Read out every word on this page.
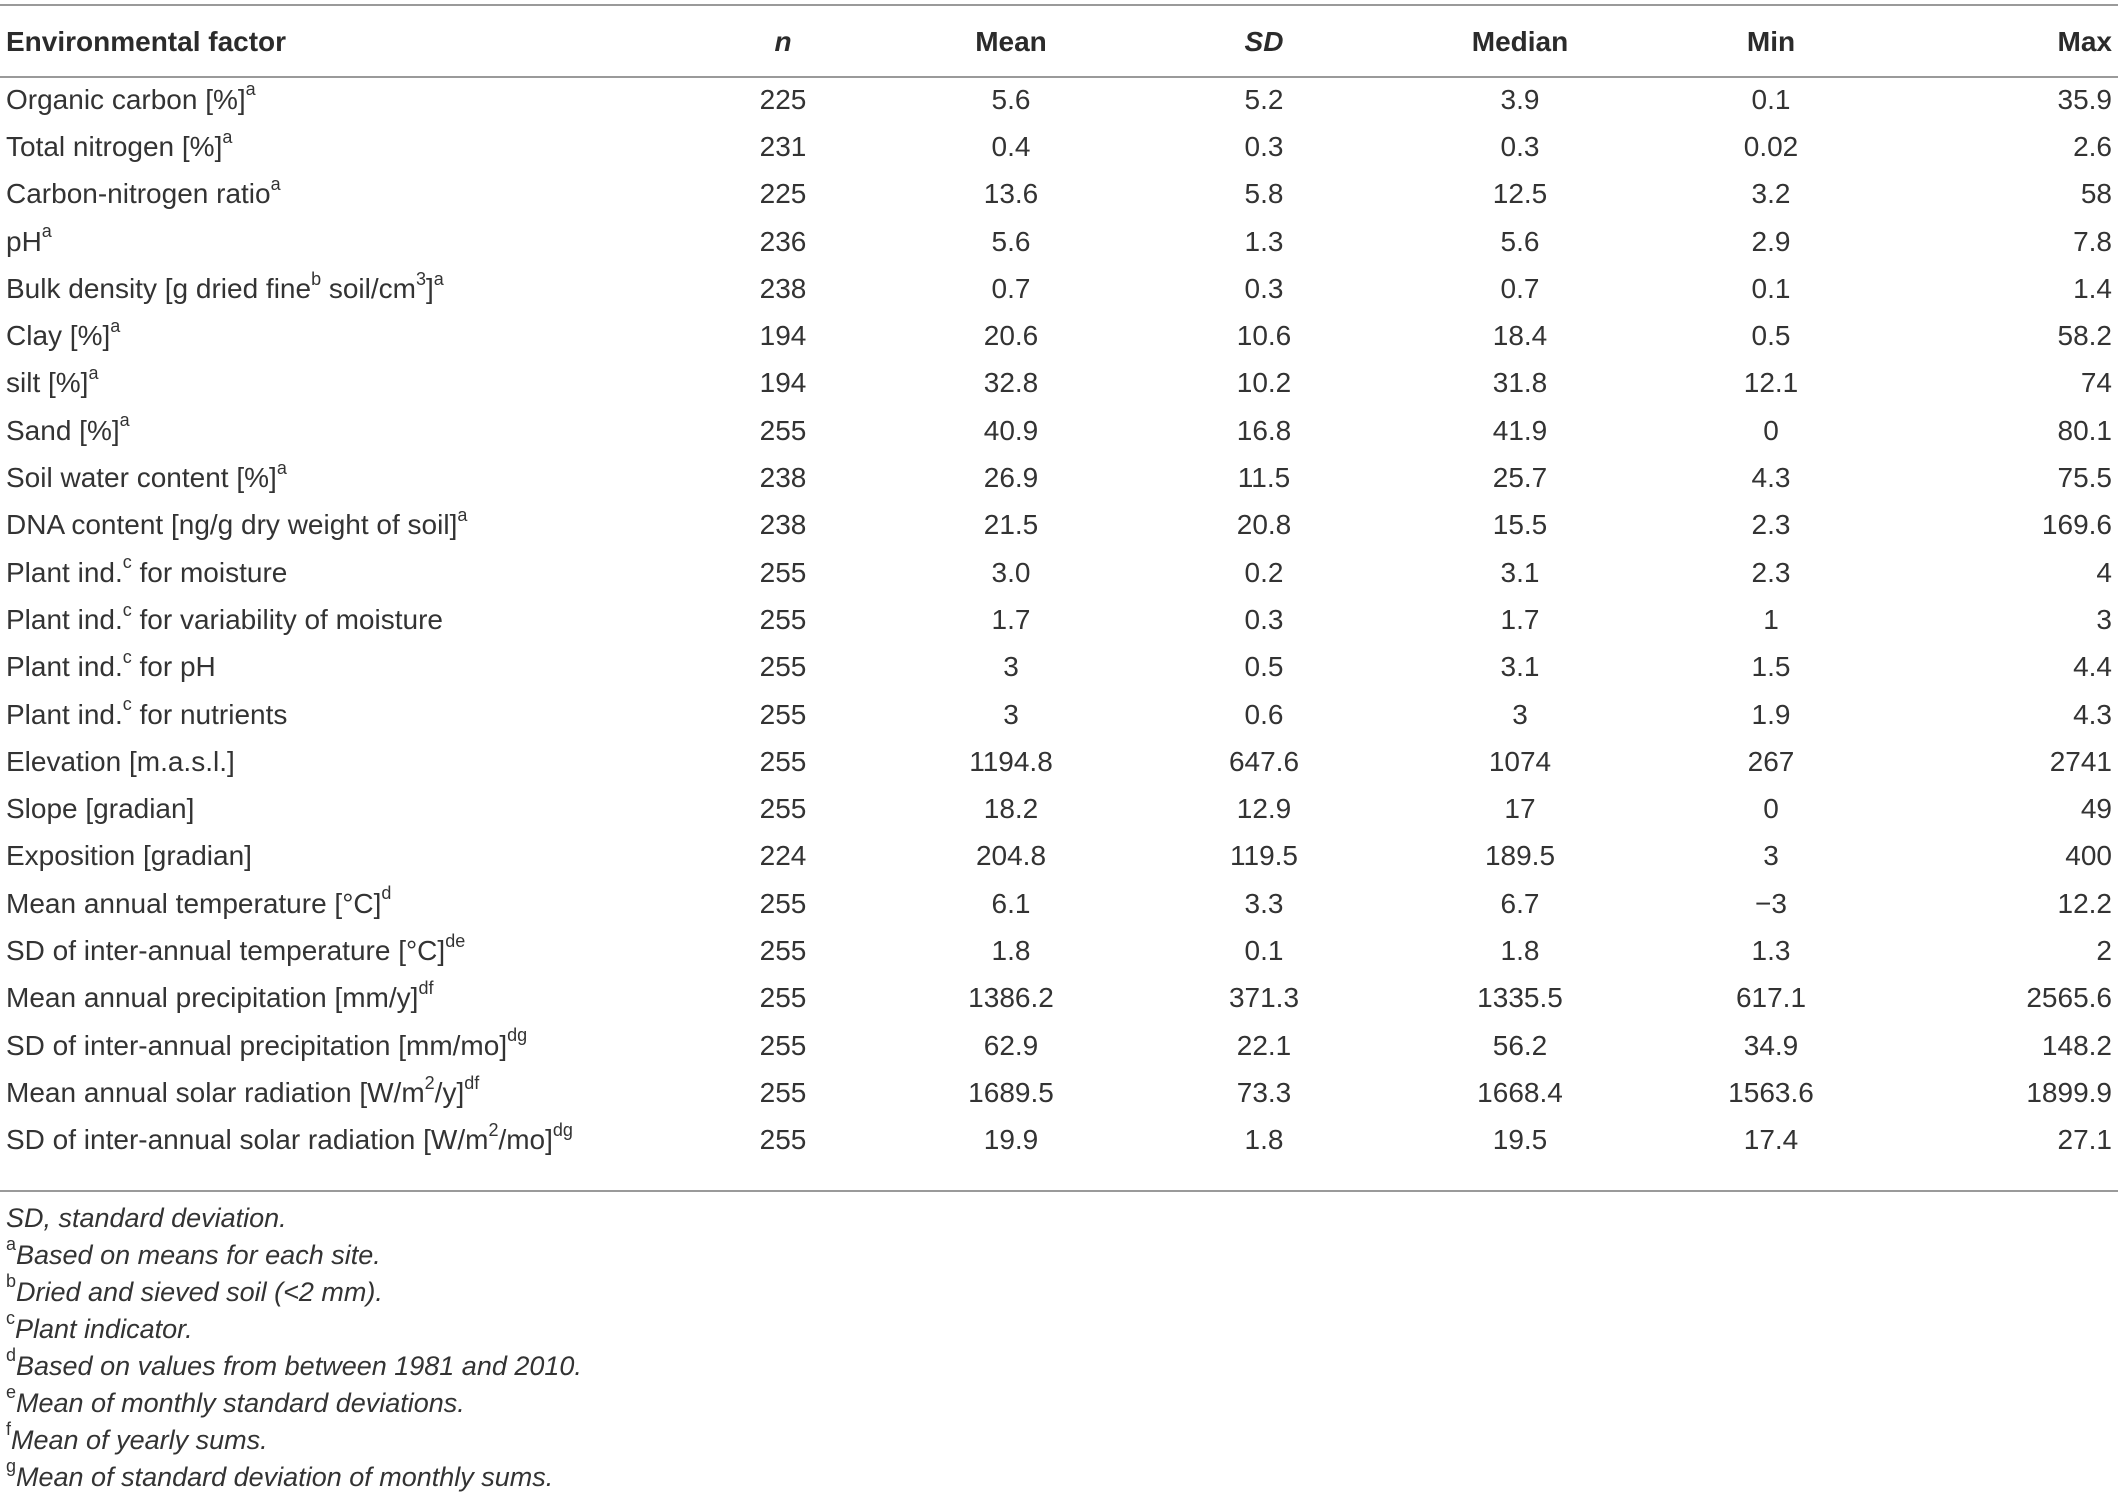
Environmental factor	n	Mean	SD	Median	Min	Max
Organic carbon [%]$^a$	225	5.6	5.2	3.9	0.1	35.9
Total nitrogen [%]$^a$	231	0.4	0.3	0.3	0.02	2.6
Carbon-nitrogen ratio$^a$	225	13.6	5.8	12.5	3.2	58
$pH^a$	236	5.6	1.3	5.6	2.9	7.8
Bulk density [g dried fine$^b$ soil/$cm^3]^a$	238	0.7	0.3	0.7	0.1	1.4
Clay [%]$^a$	194	20.6	10.6	18.4	0.5	58.2
silt [%]$^a$	194	32.8	10.2	31.8	12.1	74
Sand [%]$^a$	255	40.9	16.8	41.9	0	80.1
Soil water content [%]$^a$	238	26.9	11.5	25.7	4.3	75.5
DNA content [ng/g dry weight of soil]$^a$	238	21.5	20.8	15.5	2.3	169.6
Plant ind.$^c$ for moisture	255	3.0	0.2	3.1	2.3	4
Plant ind.$^c$ for variability of moisture	255	1.7	0.3	1.7	1	3
Plant ind.$^c$ for pH	255	3	0.5	3.1	1.5	4.4
Plant ind.$^c$ for nutrients	255	3	0.6	3	1.9	4.3
Elevation [m.a.s.l.]	255	1194.8	647.6	1074	267	2741
Slope [gradian]	255	18.2	12.9	17	0	49
Exposition [gradian]	224	204.8	119.5	189.5	3	400
Mean annual temperature $[^\circ C]^d$	255	6.1	3.3	6.7	−3	12.2
SD of inter-annual temperature $[^\circ C]^{de}$	255	1.8	0.1	1.8	1.3	2
Mean annual precipitation $[mm/y]^{df}$	255	1386.2	371.3	1335.5	617.1	2565.6
SD of inter-annual precipitation $[mm/mo]^{dg}$	255	62.9	22.1	56.2	34.9	148.2
Mean annual solar radiation $[W/m^2/y]^{df}$	255	1689.5	73.3	1668.4	1563.6	1899.9
SD of inter-annual solar radiation $[W/m^2/mo]^{dg}$	255	19.9	1.8	19.5	17.4	27.1
SD, standard deviation.
$^a$Based on means for each site.
$^b$Dried and sieved soil (<2 mm).
$^c$Plant indicator.
$^d$Based on values from between 1981 and 2010.
$^e$Mean of monthly standard deviations.
$^f$Mean of yearly sums.
$^g$Mean of standard deviation of monthly sums.
